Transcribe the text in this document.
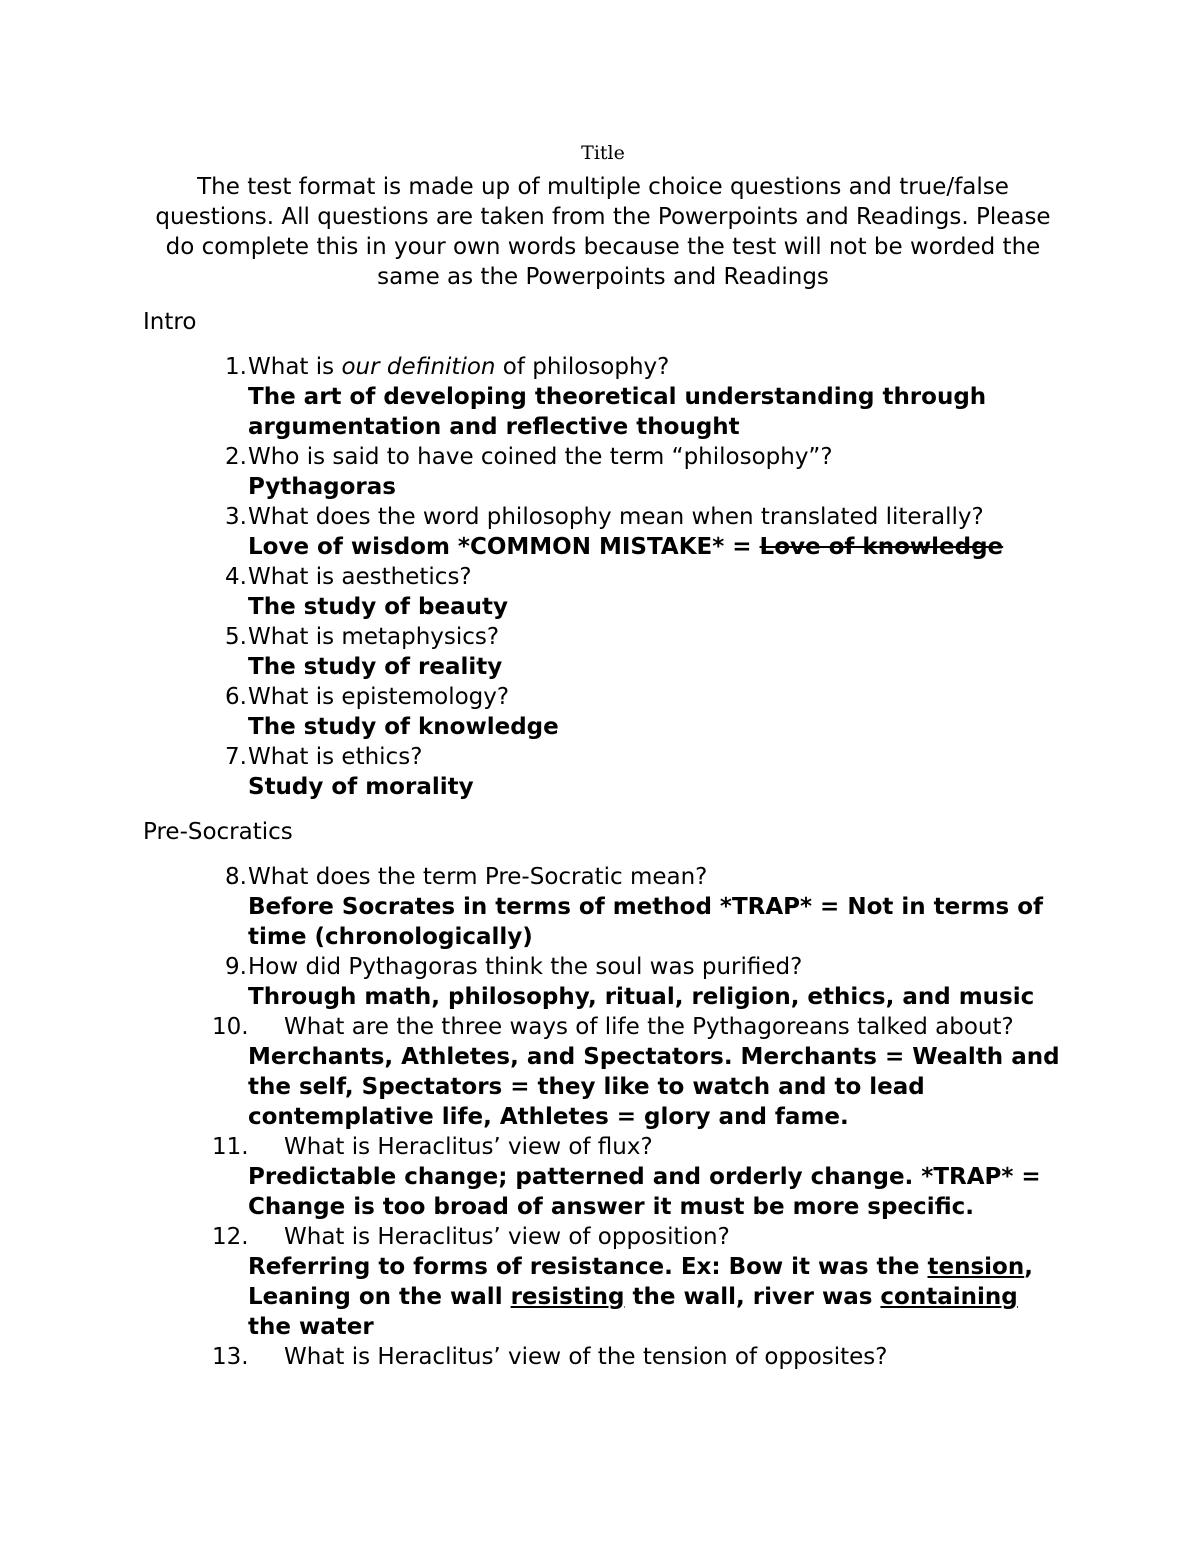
Title
The test format is made up of multiple choice questions and true/false questions. All questions are taken from the Powerpoints and Readings. Please do complete this in your own words because the test will not be worded the same as the Powerpoints and Readings
Intro
1. What is our definition of philosophy?
The art of developing theoretical understanding through argumentation and reflective thought
2. Who is said to have coined the term “philosophy”?
Pythagoras
3. What does the word philosophy mean when translated literally?
Love of wisdom *COMMON MISTAKE* = Love of knowledge
4. What is aesthetics?
The study of beauty
5. What is metaphysics?
The study of reality
6. What is epistemology?
The study of knowledge
7. What is ethics?
Study of morality
Pre-Socratics
8. What does the term Pre-Socratic mean?
Before Socrates in terms of method *TRAP* = Not in terms of time (chronologically)
9. How did Pythagoras think the soul was purified?
Through math, philosophy, ritual, religion, ethics, and music
10.	What are the three ways of life the Pythagoreans talked about?
Merchants, Athletes, and Spectators. Merchants = Wealth and the self, Spectators = they like to watch and to lead contemplative life, Athletes = glory and fame.
11.	What is Heraclitus’ view of flux?
Predictable change; patterned and orderly change. *TRAP* = Change is too broad of answer it must be more specific.
12.	What is Heraclitus’ view of opposition?
Referring to forms of resistance. Ex: Bow it was the tension, Leaning on the wall resisting the wall, river was containing the water
13.	What is Heraclitus’ view of the tension of opposites?
